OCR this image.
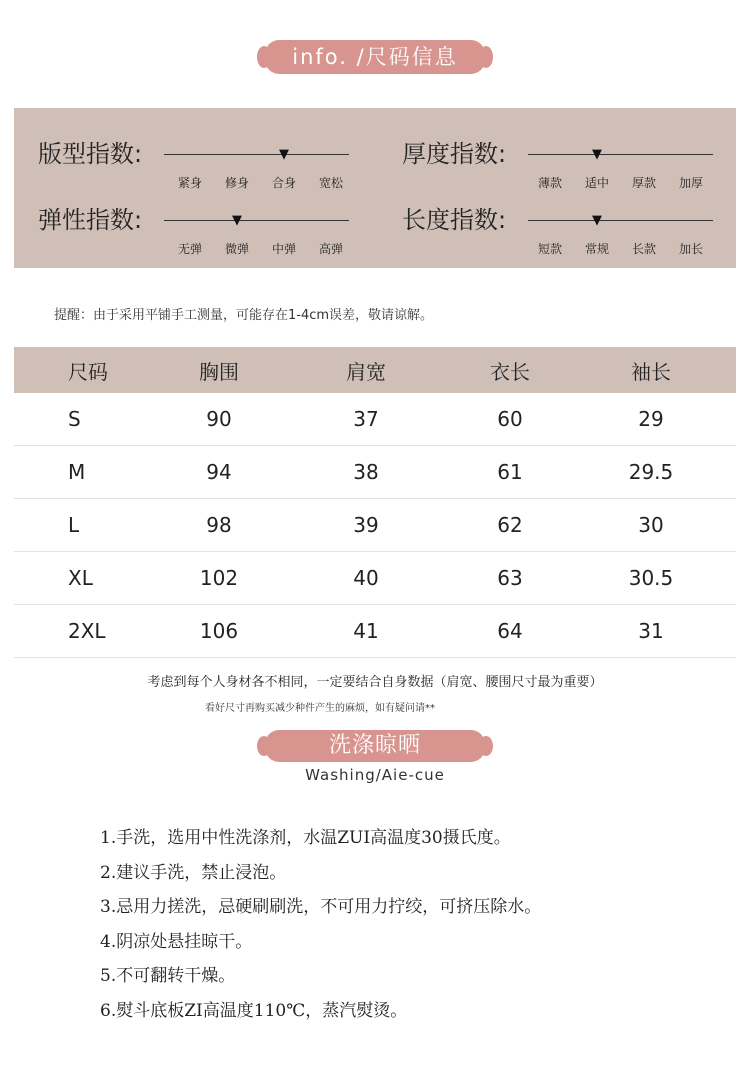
info. /尺码信息
版型指数:	▼
紧身 修身 合身 宽松
厚度指数:	▼
薄款 适中 厚款 加厚
弹性指数:	▼
无弹 微弹 中弹 高弹
长度指数:	▼
短款 常规 长款 加长
提醒：由于采用平铺手工测量，可能存在1-4cm误差，敬请谅解。
尺码	胸围	肩宽	衣长	袖长
S	90	37	60	29
M	94	38	61	29.5
L	98	39	62	30
XL	102	40	63	30.5
2XL	106	41	64	31
考虑到每个人身材各不相同，一定要结合自身数据（肩宽、腰围尺寸最为重要）
看好尺寸再购买减少种件产生的麻烦，如有疑问请**
洗涤晾晒
Washing/Aie-cue
1.手洗，选用中性洗涤剂，水温ZUI高温度30摄氏度。
2.建议手洗，禁止浸泡。
3.忌用力搓洗，忌硬刷刷洗，不可用力拧绞，可挤压除水。
4.阴凉处悬挂晾干。
5.不可翻转干燥。
6.熨斗底板ZI高温度110℃，蒸汽熨烫。
